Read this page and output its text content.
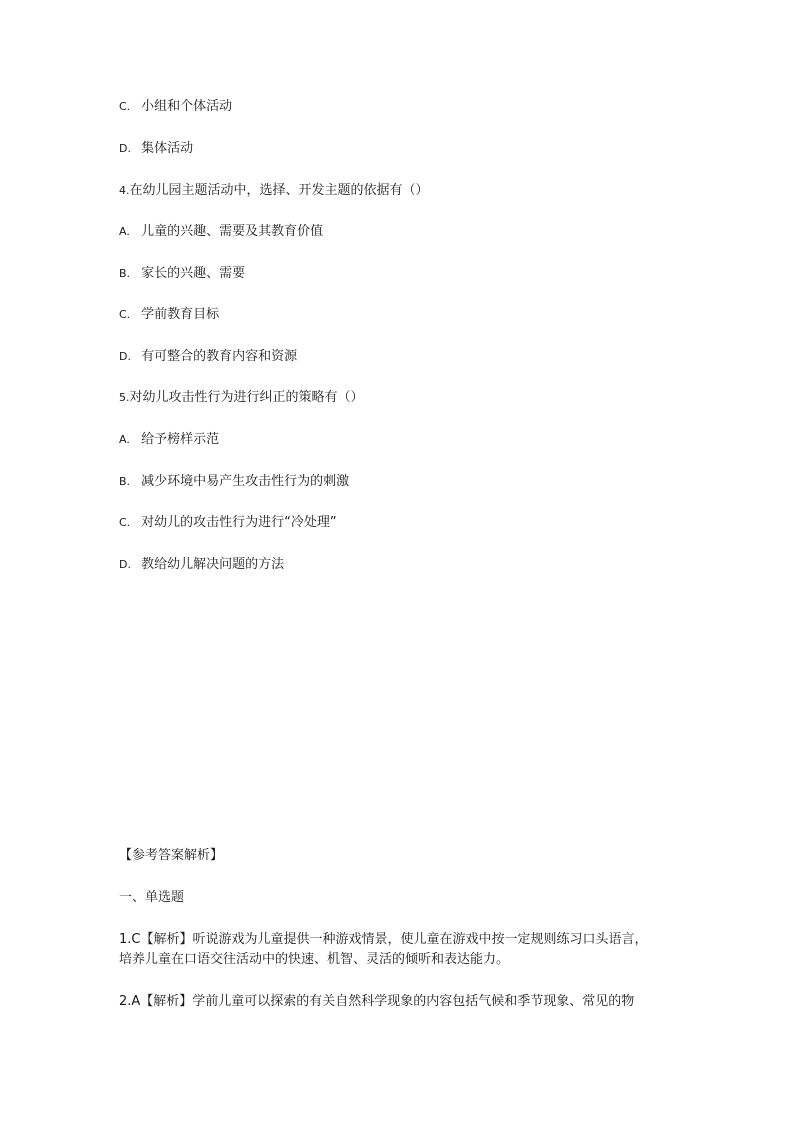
C. 小组和个体活动
D. 集体活动
4.在幼儿园主题活动中，选择、开发主题的依据有（）
A. 儿童的兴趣、需要及其教育价值
B. 家长的兴趣、需要
C. 学前教育目标
D. 有可整合的教育内容和资源
5.对幼儿攻击性行为进行纠正的策略有（）
A. 给予榜样示范
B. 减少环境中易产生攻击性行为的刺激
C. 对幼儿的攻击性行为进行“冷处理”
D. 教给幼儿解决问题的方法
【参考答案解析】
一、单选题
1.C【解析】听说游戏为儿童提供一种游戏情景，使儿童在游戏中按一定规则练习口头语言，
培养儿童在口语交往活动中的快速、机智、灵活的倾听和表达能力。
2.A【解析】学前儿童可以探索的有关自然科学现象的内容包括气候和季节现象、常见的物
